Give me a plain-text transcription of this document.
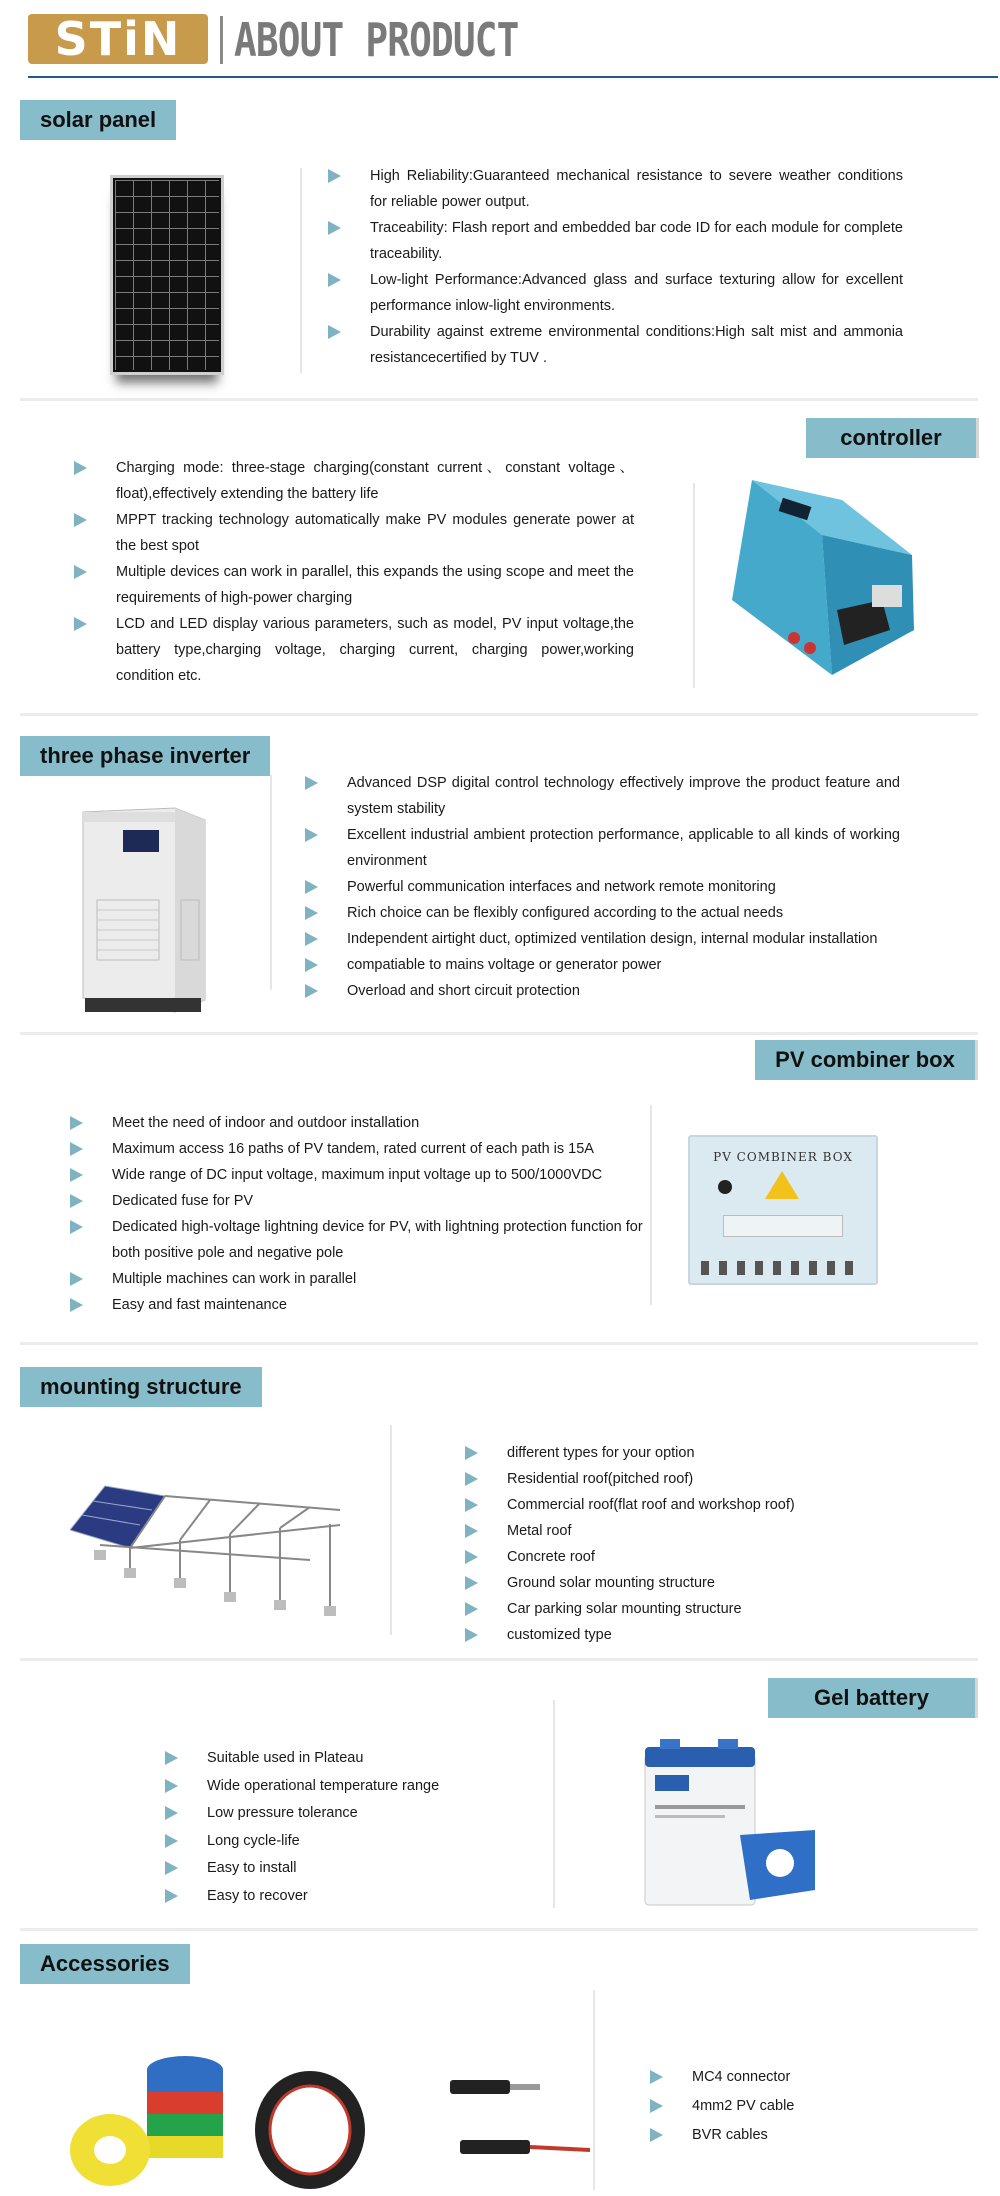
STiN	ABOUT PRODUCT
solar panel
High Reliability:Guaranteed mechanical resistance to severe weather conditions for reliable power output.
Traceability: Flash report and embedded bar code ID for each module for complete traceability.
Low-light Performance:Advanced glass and surface texturing allow for excellent performance inlow-light environments.
Durability against extreme environmental conditions:High salt mist and ammonia resistancecertified by TUV .
controller
Charging mode: three-stage charging(constant current、constant voltage、float),effectively extending the battery life
MPPT tracking technology automatically make PV modules generate power at the best spot
Multiple devices can work in parallel, this expands the using scope and meet the requirements of high-power charging
LCD and LED display various parameters, such as model, PV input voltage,the battery type,charging voltage, charging current, charging power,working condition etc.
three phase inverter
Advanced DSP digital control technology effectively improve the product feature and system stability
Excellent industrial ambient protection performance, applicable to all kinds of working environment
Powerful communication interfaces and network remote monitoring
Rich choice can be flexibly configured according to the actual needs
Independent airtight duct, optimized ventilation design, internal modular installation
compatiable to mains voltage or generator power
Overload and short circuit protection
PV combiner box
Meet the need of indoor and outdoor installation
Maximum access 16 paths of PV tandem, rated current of each path is 15A
Wide range of DC input voltage, maximum input voltage up to 500/1000VDC
Dedicated fuse for PV
Dedicated high-voltage lightning device for PV, with lightning protection function for both positive pole and negative pole
Multiple machines can work in parallel
Easy and fast maintenance
PV COMBINER BOX
mounting structure
different types for your option
Residential roof(pitched roof)
Commercial roof(flat roof and workshop roof)
Metal roof
Concrete roof
Ground solar mounting structure
Car parking solar mounting structure
customized type
Gel battery
Suitable used in Plateau
Wide operational temperature range
Low pressure tolerance
Long cycle-life
Easy to install
Easy to recover
Accessories
MC4 connector
4mm2 PV cable
BVR cables
